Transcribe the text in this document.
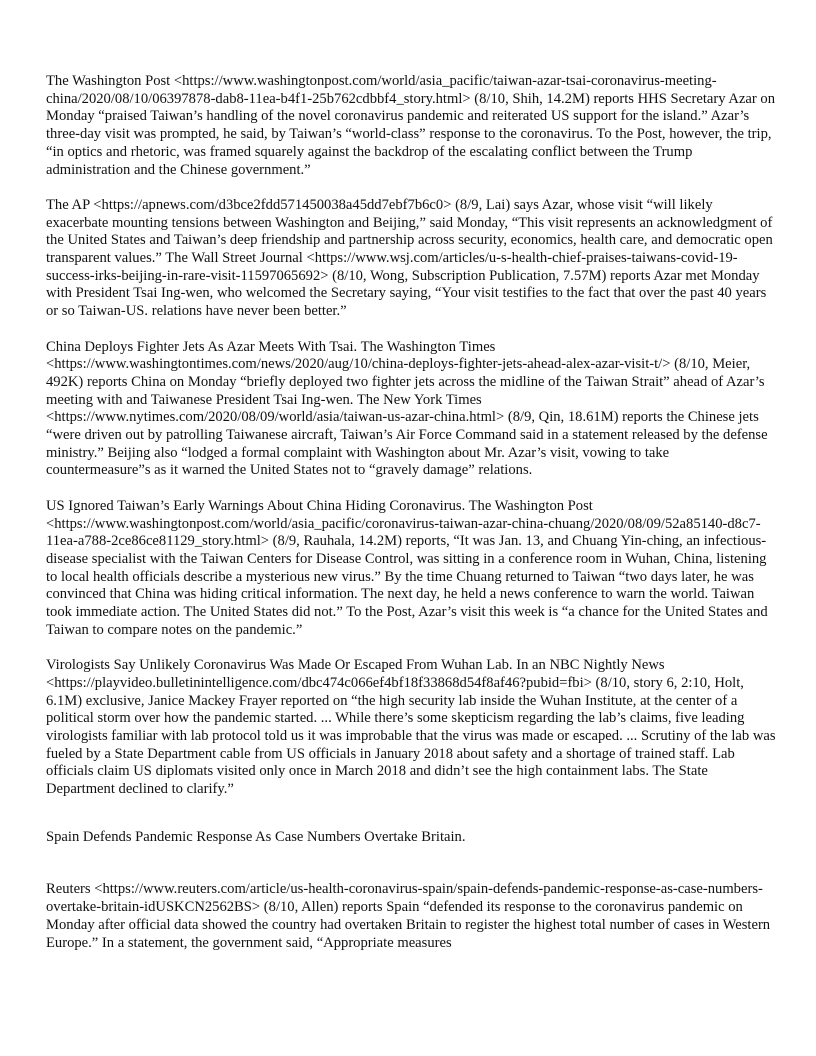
The Washington Post <https://www.washingtonpost.com/world/asia_pacific/taiwan-azar-tsai-coronavirus-meeting-china/2020/08/10/06397878-dab8-11ea-b4f1-25b762cdbbf4_story.html> (8/10, Shih, 14.2M) reports HHS Secretary Azar on Monday “praised Taiwan’s handling of the novel coronavirus pandemic and reiterated US support for the island.” Azar’s three-day visit was prompted, he said, by Taiwan’s “world-class” response to the coronavirus. To the Post, however, the trip, “in optics and rhetoric, was framed squarely against the backdrop of the escalating conflict between the Trump administration and the Chinese government.”

The AP <https://apnews.com/d3bce2fdd571450038a45dd7ebf7b6c0> (8/9, Lai) says Azar, whose visit “will likely exacerbate mounting tensions between Washington and Beijing,” said Monday, “This visit represents an acknowledgment of the United States and Taiwan’s deep friendship and partnership across security, economics, health care, and democratic open transparent values.” The Wall Street Journal <https://www.wsj.com/articles/u-s-health-chief-praises-taiwans-covid-19-success-irks-beijing-in-rare-visit-11597065692> (8/10, Wong, Subscription Publication, 7.57M) reports Azar met Monday with President Tsai Ing-wen, who welcomed the Secretary saying, “Your visit testifies to the fact that over the past 40 years or so Taiwan-US. relations have never been better.”

China Deploys Fighter Jets As Azar Meets With Tsai. The Washington Times <https://www.washingtontimes.com/news/2020/aug/10/china-deploys-fighter-jets-ahead-alex-azar-visit-t/> (8/10, Meier, 492K) reports China on Monday “briefly deployed two fighter jets across the midline of the Taiwan Strait” ahead of Azar’s meeting with and Taiwanese President Tsai Ing-wen. The New York Times <https://www.nytimes.com/2020/08/09/world/asia/taiwan-us-azar-china.html> (8/9, Qin, 18.61M) reports the Chinese jets “were driven out by patrolling Taiwanese aircraft, Taiwan’s Air Force Command said in a statement released by the defense ministry.” Beijing also “lodged a formal complaint with Washington about Mr. Azar’s visit, vowing to take countermeasure”s as it warned the United States not to “gravely damage” relations.

US Ignored Taiwan’s Early Warnings About China Hiding Coronavirus. The Washington Post <https://www.washingtonpost.com/world/asia_pacific/coronavirus-taiwan-azar-china-chuang/2020/08/09/52a85140-d8c7-11ea-a788-2ce86ce81129_story.html> (8/9, Rauhala, 14.2M) reports, “It was Jan. 13, and Chuang Yin-ching, an infectious-disease specialist with the Taiwan Centers for Disease Control, was sitting in a conference room in Wuhan, China, listening to local health officials describe a mysterious new virus.” By the time Chuang returned to Taiwan “two days later, he was convinced that China was hiding critical information. The next day, he held a news conference to warn the world. Taiwan took immediate action. The United States did not.” To the Post, Azar’s visit this week is “a chance for the United States and Taiwan to compare notes on the pandemic.”

Virologists Say Unlikely Coronavirus Was Made Or Escaped From Wuhan Lab. In an NBC Nightly News <https://playvideo.bulletinintelligence.com/dbc474c066ef4bf18f33868d54f8af46?pubid=fbi> (8/10, story 6, 2:10, Holt, 6.1M) exclusive, Janice Mackey Frayer reported on “the high security lab inside the Wuhan Institute, at the center of a political storm over how the pandemic started. ... While there’s some skepticism regarding the lab’s claims, five leading virologists familiar with lab protocol told us it was improbable that the virus was made or escaped. ... Scrutiny of the lab was fueled by a State Department cable from US officials in January 2018 about safety and a shortage of trained staff. Lab officials claim US diplomats visited only once in March 2018 and didn’t see the high containment labs. The State Department declined to clarify.”

Spain Defends Pandemic Response As Case Numbers Overtake Britain.

Reuters <https://www.reuters.com/article/us-health-coronavirus-spain/spain-defends-pandemic-response-as-case-numbers-overtake-britain-idUSKCN2562BS> (8/10, Allen) reports Spain “defended its response to the coronavirus pandemic on Monday after official data showed the country had overtaken Britain to register the highest total number of cases in Western Europe.” In a statement, the government said, “Appropriate measures
